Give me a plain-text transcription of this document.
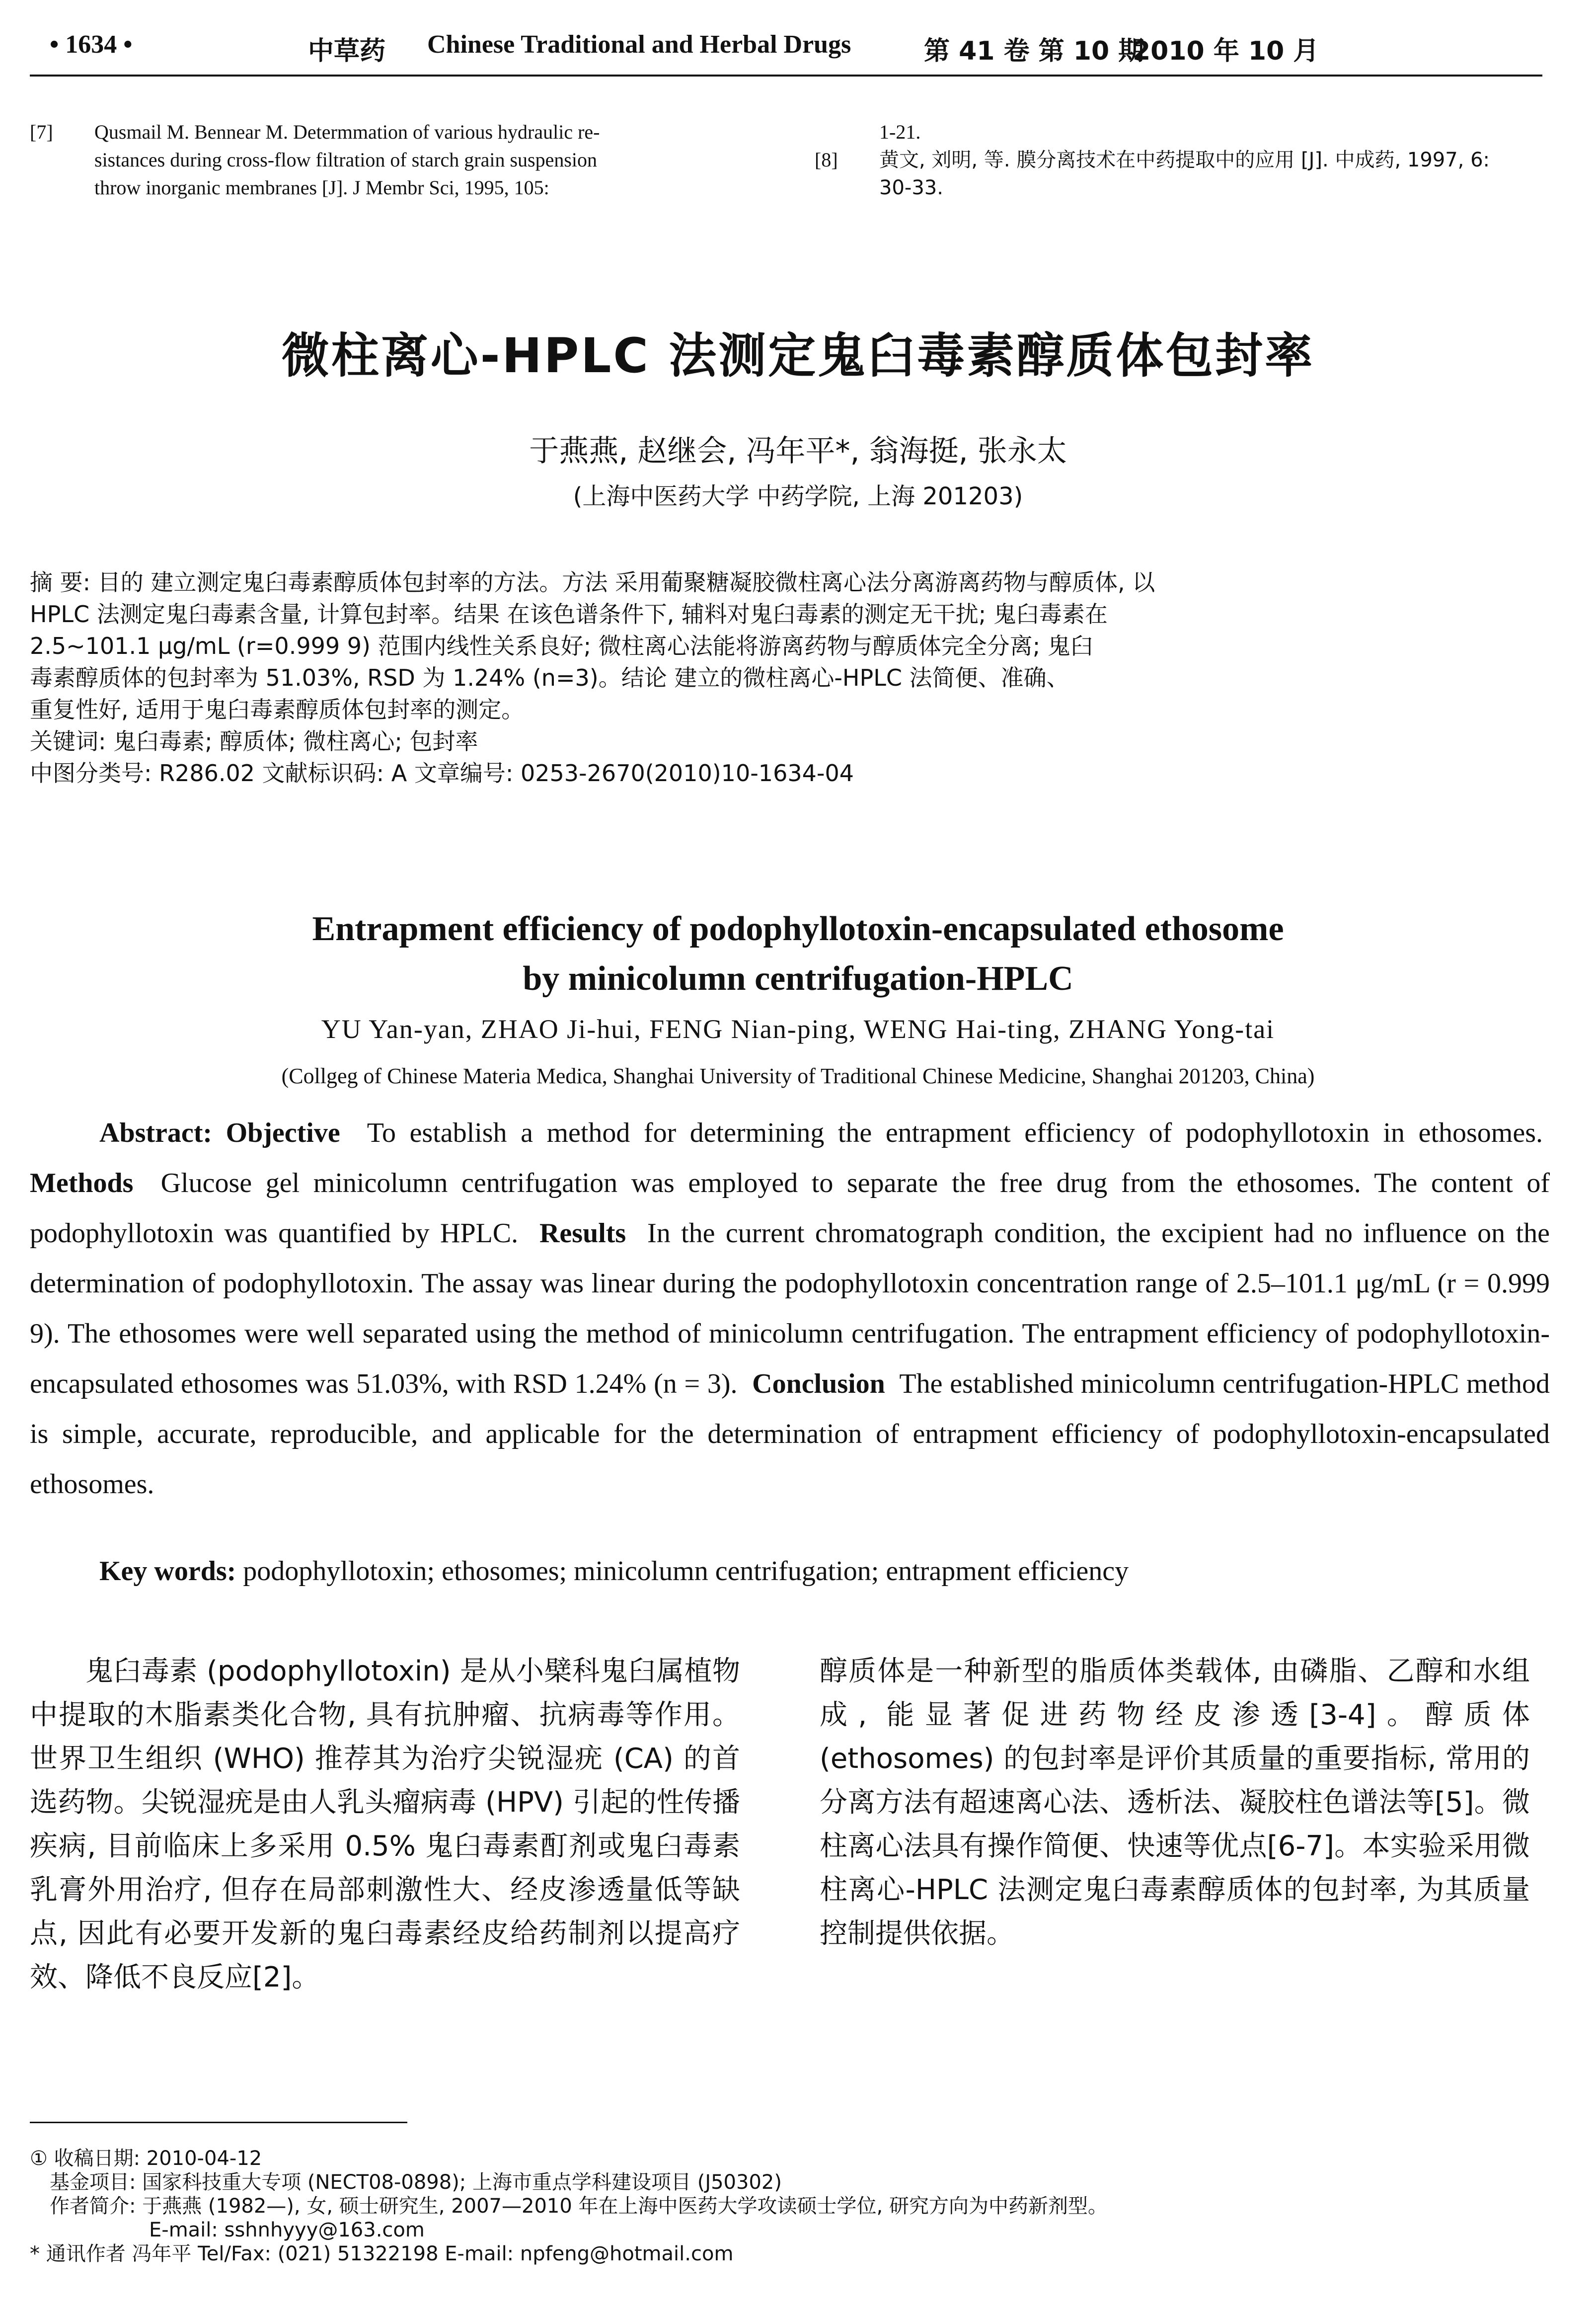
• 1634 •	中草药 Chinese Traditional and Herbal Drugs	第 41 卷 第 10 期
2010 年 10 月
[7]	Qusmail M. Bennear M. Determmation of various hydraulic re-
sistances during cross-flow filtration of starch grain suspension
throw inorganic membranes [J]. J Membr Sci, 1995, 105:
1-21.
[8]	黄文, 刘明, 等. 膜分离技术在中药提取中的应用 [J]. 中成药, 1997, 6:
30-33.
微柱离心-HPLC 法测定鬼臼毒素醇质体包封率
于燕燕, 赵继会, 冯年平*, 翁海挺, 张永太
(上海中医药大学 中药学院, 上海 201203)

摘 要: 目的 建立测定鬼臼毒素醇质体包封率的方法。方法 采用葡聚糖凝胶微柱离心法分离游离药物与醇质体, 以

HPLC 法测定鬼臼毒素含量, 计算包封率。结果 在该色谱条件下, 辅料对鬼臼毒素的测定无干扰; 鬼臼毒素在

2.5~101.1 μg/mL (r=0.999 9) 范围内线性关系良好; 微柱离心法能将游离药物与醇质体完全分离; 鬼臼

毒素醇质体的包封率为 51.03%, RSD 为 1.24% (n=3)。结论 建立的微柱离心-HPLC 法简便、准确、

重复性好, 适用于鬼臼毒素醇质体包封率的测定。

关键词: 鬼臼毒素; 醇质体; 微柱离心; 包封率

中图分类号: R286.02 文献标识码: A 文章编号: 0253-2670(2010)10-1634-04

Entrapment efficiency of podophyllotoxin-encapsulated ethosome
by minicolumn centrifugation-HPLC
YU Yan-yan, ZHAO Ji-hui, FENG Nian-ping, WENG Hai-ting, ZHANG Yong-tai
(Collgeg of Chinese Materia Medica, Shanghai University of Traditional Chinese Medicine, Shanghai 201203, China)

Abstract: Objective To establish a method for determining the entrapment efficiency of podophyllotoxin in ethosomes.  Methods Glucose gel minicolumn centrifugation was employed to separate the free drug from the ethosomes. The content of podophyllotoxin was quantified by HPLC. Results In the current chromatograph condition, the excipient had no influence on the determination of podophyllotoxin. The assay was linear during the podophyllotoxin concentration range of 2.5–101.1 μg/mL (r = 0.999 9). The ethosomes were well separated using the method of minicolumn centrifugation. The entrapment efficiency of podophyllotoxin-encapsulated ethosomes was 51.03%, with RSD 1.24% (n = 3). Conclusion The established minicolumn centrifugation-HPLC method is simple, accurate, reproducible, and applicable for the determination of entrapment efficiency of podophyllotoxin-encapsulated ethosomes.

Key words: podophyllotoxin; ethosomes; minicolumn centrifugation; entrapment efficiency

鬼臼毒素 (podophyllotoxin) 是从小檗科鬼臼属植物中提取的木脂素类化合物, 具有抗肿瘤、抗病毒等作用。世界卫生组织 (WHO) 推荐其为治疗尖锐湿疣 (CA) 的首选药物。尖锐湿疣是由人乳头瘤病毒 (HPV) 引起的性传播疾病, 目前临床上多采用 0.5% 鬼臼毒素酊剂或鬼臼毒素乳膏外用治疗, 但存在局部刺激性大、经皮渗透量低等缺点, 因此有必要开发新的鬼臼毒素经皮给药制剂以提高疗效、降低不良反应[2]。

醇质体是一种新型的脂质体类载体, 由磷脂、乙醇和水组成, 能显著促进药物经皮渗透[3-4]。醇质体 (ethosomes) 的包封率是评价其质量的重要指标, 常用的分离方法有超速离心法、透析法、凝胶柱色谱法等[5]。微柱离心法具有操作简便、快速等优点[6-7]。本实验采用微柱离心-HPLC 法测定鬼臼毒素醇质体的包封率, 为其质量控制提供依据。

① 收稿日期: 2010-04-12

基金项目: 国家科技重大专项 (NECT08-0898); 上海市重点学科建设项目 (J50302)

作者简介: 于燕燕 (1982—), 女, 硕士研究生, 2007—2010 年在上海中医药大学攻读硕士学位, 研究方向为中药新剂型。

E-mail: sshnhyyy@163.com

* 通讯作者 冯年平 Tel/Fax: (021) 51322198 E-mail: npfeng@hotmail.com
